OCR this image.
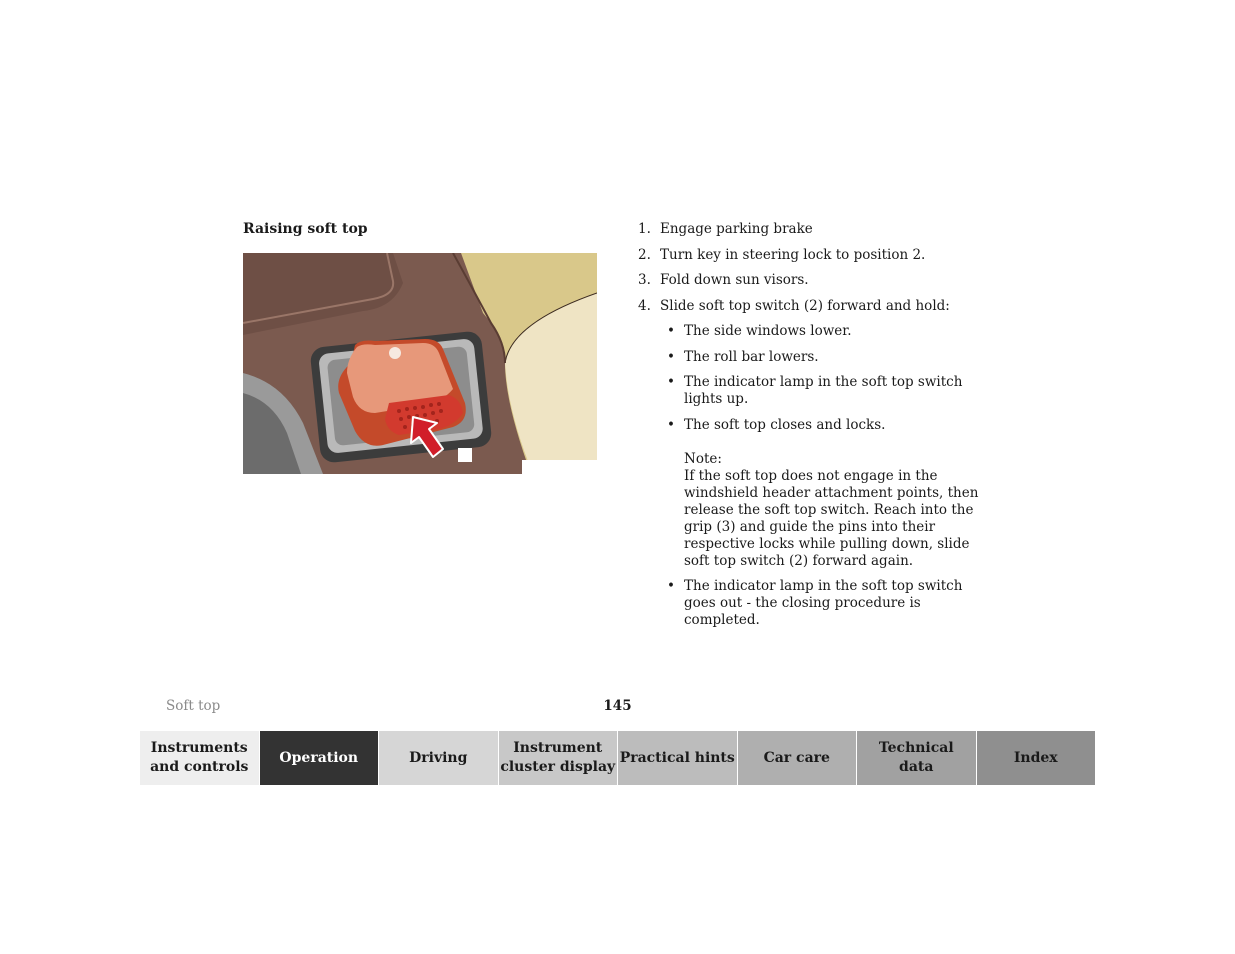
Raising soft top	1. Engage parking brake
2. Turn key in steering lock to position 2.
3. Fold down sun visors.
4. Slide soft top switch (2) forward and hold:
• The side windows lower.
• The roll bar lowers.
• The indicator lamp in the soft top switch lights up.
• The soft top closes and locks.
Note:
If the soft top does not engage in the windshield header attachment points, then release the soft top switch. Reach into the grip (3) and guide the pins into their respective locks while pulling down, slide soft top switch (2) forward again.
• The indicator lamp in the soft top switch goes out - the closing procedure is completed.
Soft top	145
Instruments
and controls
Operation	Driving
Instrument
cluster display
Practical hints	Car care
Technical
data
Index
